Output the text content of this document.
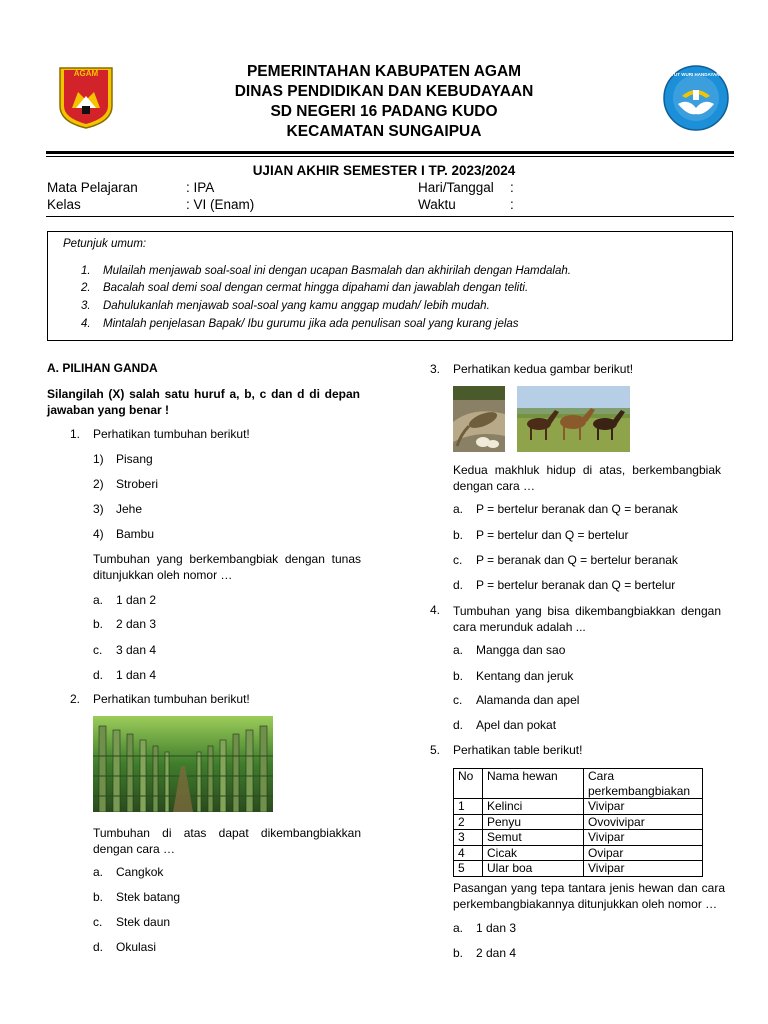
AGAM	PEMERINTAHAN KABUPATEN AGAM
DINAS PENDIDIKAN DAN KEBUDAYAAN
SD NEGERI 16 PADANG KUDO
KECAMATAN SUNGAIPUA
TUT WURI HANDAYANI
UJIAN AKHIR SEMESTER I TP. 2023/2024
Mata Pelajaran	: IPA	Hari/Tanggal :
Kelas	: VI (Enam)	Waktu	:
Petunjuk umum:
1. Mulailah menjawab soal-soal ini dengan ucapan Basmalah dan akhirilah dengan Hamdalah.
2. Bacalah soal demi soal dengan cermat hingga dipahami dan jawablah dengan teliti.
3. Dahulukanlah menjawab soal-soal yang kamu anggap mudah/ lebih mudah.
4. Mintalah penjelasan Bapak/ Ibu gurumu jika ada penulisan soal yang kurang jelas
A. PILIHAN GANDA
Silangilah (X) salah satu huruf a, b, c dan d di depan jawaban yang benar !
1. Perhatikan tumbuhan berikut!
1) Pisang
2) Stroberi
3) Jehe
4) Bambu
Tumbuhan yang berkembangbiak dengan tunas ditunjukkan oleh nomor …
a. 1 dan 2
b. 2 dan 3
c. 3 dan 4
d. 1 dan 4
2. Perhatikan tumbuhan berikut!
Tumbuhan di atas dapat dikembangbiakkan dengan cara …
a. Cangkok
b. Stek batang
c. Stek daun
d. Okulasi
3. Perhatikan kedua gambar berikut!
Kedua makhluk hidup di atas, berkembangbiak dengan cara …
a. P = bertelur beranak dan Q = beranak
b. P = bertelur dan Q = bertelur
c. P = beranak dan Q = bertelur beranak
d. P = bertelur beranak dan Q = bertelur
4. Tumbuhan yang bisa dikembangbiakkan dengan cara merunduk adalah ...
a. Mangga dan sao
b. Kentang dan jeruk
c. Alamanda dan apel
d. Apel dan pokat
5. Perhatikan table berikut!
No	Nama hewan	Cara perkembangbiakan
1	Kelinci	Vivipar
2	Penyu	Ovovivipar
3	Semut	Vivipar
4	Cicak	Ovipar
5	Ular boa	Vivipar
Pasangan yang tepa tantara jenis hewan dan cara perkembangbiakannya ditunjukkan oleh nomor …
a. 1 dan 3
b. 2 dan 4
